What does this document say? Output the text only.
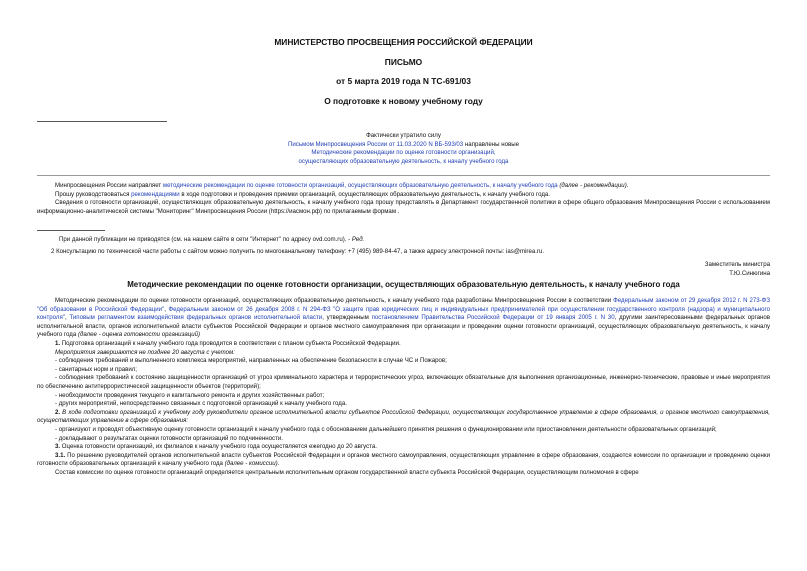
МИНИСТЕРСТВО ПРОСВЕЩЕНИЯ РОССИЙСКОЙ ФЕДЕРАЦИИ
ПИСЬМО
от 5 марта 2019 года N ТС-691/03
О подготовке к новому учебному году
Фактически утратило силу
Письмом Минпросвещения России от 11.03.2020 N ВБ-593/03 направлены новые
Методические рекомендации по оценке готовности организаций,
осуществляющих образовательную деятельность, к началу учебного года

Минпросвещения России направляет методические рекомендации по оценке готовности организаций, осуществляющих образовательную деятельность, к началу учебного года (далее - рекомендации).

Прошу руководствоваться рекомендациями в ходе подготовки и проведения приемки организаций, осуществляющих образовательную деятельность, к началу учебного года.

Сведения о готовности организаций, осуществляющих образовательную деятельность, к началу учебного года прошу представлять в Департамент государственной политики в сфере общего образования Минпросвещения России с использованием информационно-аналитической системы "Мониторинг" Минпросвещения России (https://иасмон.рф) по прилагаемым формам .

При данной публикации не приводятся (см. на нашем сайте в сети "Интернет" по адресу ovd.com.ru). - Ред.

2 Консультацию по технической части работы с сайтом можно получить по многоканальному телефону: +7 (495) 989-84-47, а также адресу электронной почты: ias@mirea.ru.

Заместитель министра
Т.Ю.Синюгина
Методические рекомендации по оценке готовности организации, осуществляющих образовательную деятельность, к началу учебного года

Методические рекомендации по оценки готовности организаций, осуществляющих образовательную деятельность, к началу учебного года разработаны Минпросвещения России в соответствии Федеральным законом от 29 декабря 2012 г. N 273-ФЗ "Об образовании в Российской Федерации", Федеральным законом от 26 декабря 2008 г. N 294-ФЗ "О защите прав юридических лиц и индивидуальных предпринимателей при осуществлении государственного контроля (надзора) и муниципального контроля", Типовым регламентом взаимодействия федеральных органов исполнительной власти, утвержденным постановлением Правительства Российской Федерации от 19 января 2005 г. N 30, другими заинтересованными федеральных органов исполнительной власти, органов исполнительной власти субъектов Российской Федерации и органов местного самоуправления при организации и проведении оценки готовности организаций, осуществляющих образовательную деятельность, к началу учебного года (далее - оценка готовности организаций)

1. Подготовка организаций к началу учебного года проводится в соответствии с планом субъекта Российской Федерации.

Мероприятия завершаются не позднее 20 августа с учетом:

- соблюдения требований и выполненного комплекса мероприятий, направленных на обеспечение безопасности в случае ЧС и Пожаров;

- санитарных норм и правил;

- соблюдения требований к состоянию защищенности организаций от угроз криминального характера и террористических угроз, включающих обязательные для выполнения организационные, инженерно-технические, правовые и иные мероприятия по обеспечению антитеррористической защищенности объектов (территорий);

- необходимости проведения текущего и капитального ремонта и других хозяйственных работ;

- других мероприятий, непосредственно связанных с подготовкой организаций к началу учебного года.

2. В ходе подготовки организаций к учебному году руководители органов исполнительной власти субъектов Российской Федерации, осуществляющих государственное управление в сфере образования, и органов местного самоуправления, осуществляющих управление в сфере образования:

- организуют и проводят объективную оценку готовности организаций к началу учебного года с обоснованием дальнейшего принятия решения о функционировании или приостановлении деятельности образовательных организаций;

- докладывают о результатах оценки готовности организаций по подчиненности.

3. Оценка готовности организаций, их филиалов к началу учебного года осуществляется ежегодно до 20 августа.

3.1. По решению руководителей органов исполнительной власти субъектов Российской Федерации и органов местного самоуправления, осуществляющих управление в сфере образования, создаются комиссии по организации и проведению оценки готовности образовательных организаций к началу учебного года (далее - комиссии).

Состав комиссии по оценке готовности организаций определяется центральным исполнительным органом государственной власти субъекта Российской Федерации, осуществляющим полномочия в сфере
